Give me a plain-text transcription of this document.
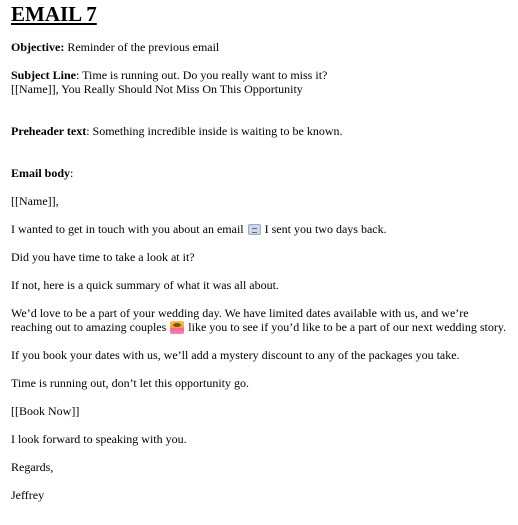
EMAIL 7

Objective: Reminder of the previous email

Subject Line: Time is running out. Do you really want to miss it?

[[Name]], You Really Should Not Miss On This Opportunity

Preheader text: Something incredible inside is waiting to be known.

Email body:

[[Name]],

I wanted to get in touch with you about an email I sent you two days back.

Did you have time to take a look at it?

If not, here is a quick summary of what it was all about.

We’d love to be a part of your wedding day. We have limited dates available with us, and we’re reaching out to amazing couples like you to see if you’d like to be a part of our next wedding story.

If you book your dates with us, we’ll add a mystery discount to any of the packages you take.

Time is running out, don’t let this opportunity go.

[[Book Now]]

I look forward to speaking with you.

Regards,

Jeffrey
